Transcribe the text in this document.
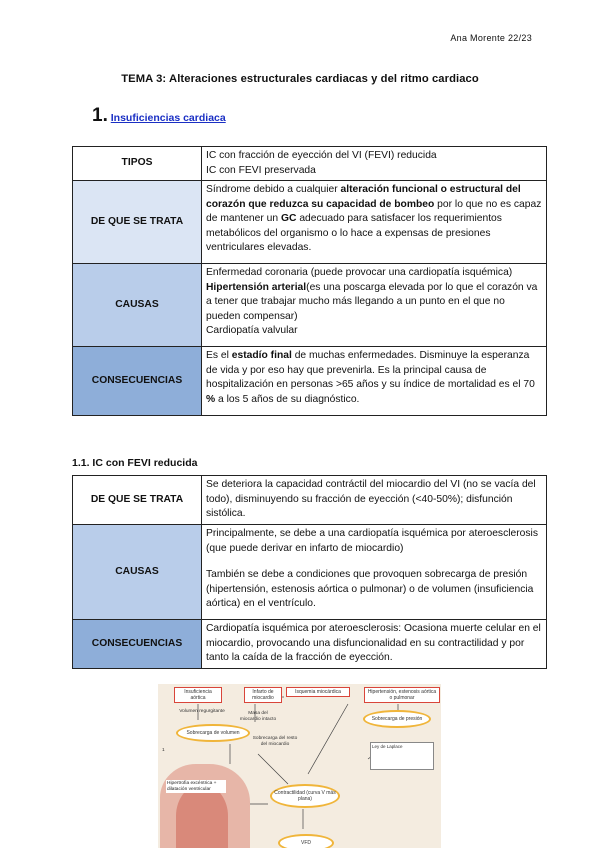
Ana Morente 22/23
TEMA 3: Alteraciones estructurales cardiacas y del ritmo cardiaco
1. Insuficiencias cardiaca
TIPOS	IC con fracción de eyección del VI (FEVI) reducida
IC con FEVI preservada

DE QUE SE TRATA	Síndrome debido a cualquier alteración funcional o estructural del corazón que reduzca su capacidad de bombeo por lo que no es capaz de mantener un GC adecuado para satisfacer los requerimientos metabólicos del organismo o lo hace a expensas de presiones ventriculares elevadas.
CAUSAS	Enfermedad coronaria (puede provocar una cardiopatía isquémica)
Hipertensión arterial(es una poscarga elevada por lo que el corazón va a tener que trabajar mucho más llegando a un punto en el que no pueden compensar)
Cardiopatía valvular

CONSECUENCIAS	Es el estadío final de muchas enfermedades. Disminuye la esperanza de vida y por eso hay que prevenirla. Es la principal causa de hospitalización en personas >65 años y su índice de mortalidad es el 70 % a los 5 años de su diagnóstico.
1.1. IC con FEVI reducida
DE QUE SE TRATA	Se deteriora la capacidad contráctil del miocardio del VI (no se vacía del todo), disminuyendo su fracción de eyección (<40-50%); disfunción sistólica.
CAUSAS	Principalmente, se debe a una cardiopatía isquémica por ateroesclerosis (que puede derivar en infarto de miocardio)
También se debe a condiciones que provoquen sobrecarga de presión (hipertensión, estenosis aórtica o pulmonar) o de volumen (insuficiencia aórtica) en el ventrículo.

CONSECUENCIAS	Cardiopatía isquémica por ateroesclerosis: Ocasiona muerte celular en el miocardio, provocando una disfuncionalidad en su contractilidad y por tanto la caída de la fracción de eyección.
Insuficiencia aórtica
Infarto de miocardio
Isquemia miocárdica	Hipertensión, estenosis aórtica o pulmonar
Volumen regurgitante	Masa del miocardio intacto
Sobrecarga de volumen
Sobrecarga de presión
Sobrecarga del resto del miocardio	Ley de Laplace
1
Hipertrofia excéntrica + dilatación ventricular
Contractilidad (curva V más plana)
VFD
